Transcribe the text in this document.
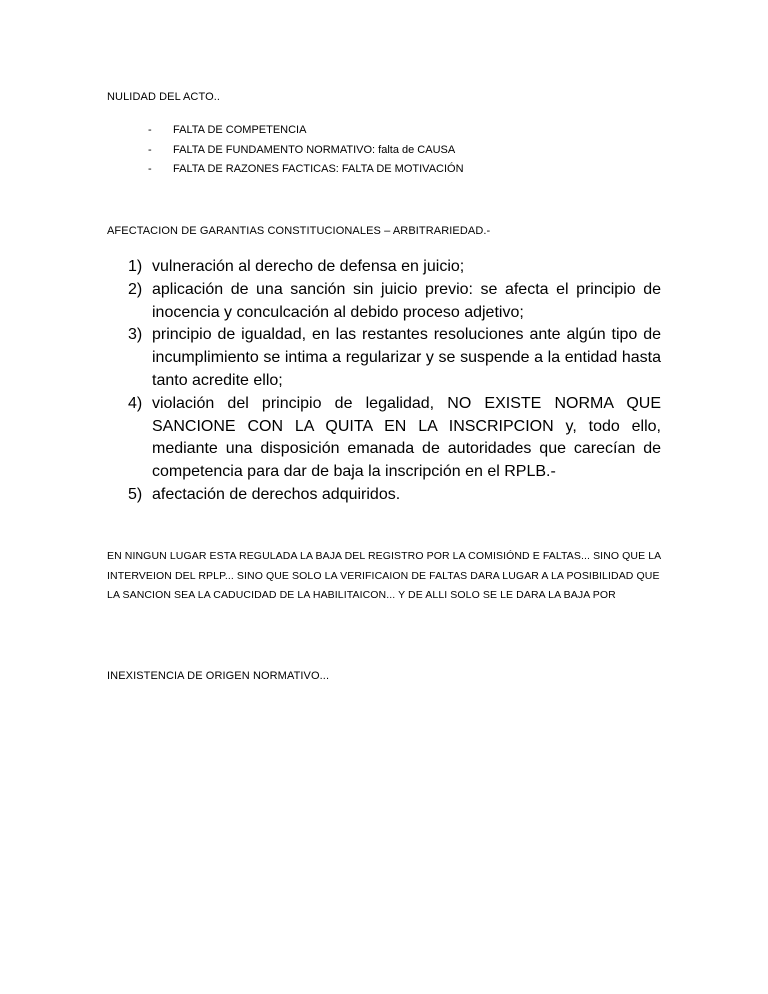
NULIDAD DEL ACTO..
- FALTA DE COMPETENCIA
- FALTA DE FUNDAMENTO NORMATIVO: falta de CAUSA
- FALTA DE RAZONES FACTICAS: FALTA DE MOTIVACIÓN
AFECTACION DE GARANTIAS CONSTITUCIONALES – ARBITRARIEDAD.-
1) vulneración al derecho de defensa en juicio;
2) aplicación de una sanción sin juicio previo: se afecta el principio de inocencia y conculcación al debido proceso adjetivo;
3) principio de igualdad, en las restantes resoluciones ante algún tipo de incumplimiento se intima a regularizar y se suspende a la entidad hasta tanto acredite ello;
4) violación del principio de legalidad, NO EXISTE NORMA QUE SANCIONE CON LA QUITA EN LA INSCRIPCION y, todo ello, mediante una disposición emanada de autoridades que carecían de competencia para dar de baja la inscripción en el RPLB.-
5) afectación de derechos adquiridos.

EN NINGUN LUGAR ESTA REGULADA LA BAJA DEL REGISTRO POR LA COMISIÓND E FALTAS... SINO QUE LA INTERVEION DEL RPLP... SINO QUE SOLO LA VERIFICAION DE FALTAS DARA LUGAR A LA POSIBILIDAD QUE LA SANCION SEA LA CADUCIDAD DE LA HABILITAICON... Y DE ALLI SOLO SE LE DARA LA BAJA POR

INEXISTENCIA DE ORIGEN NORMATIVO...
